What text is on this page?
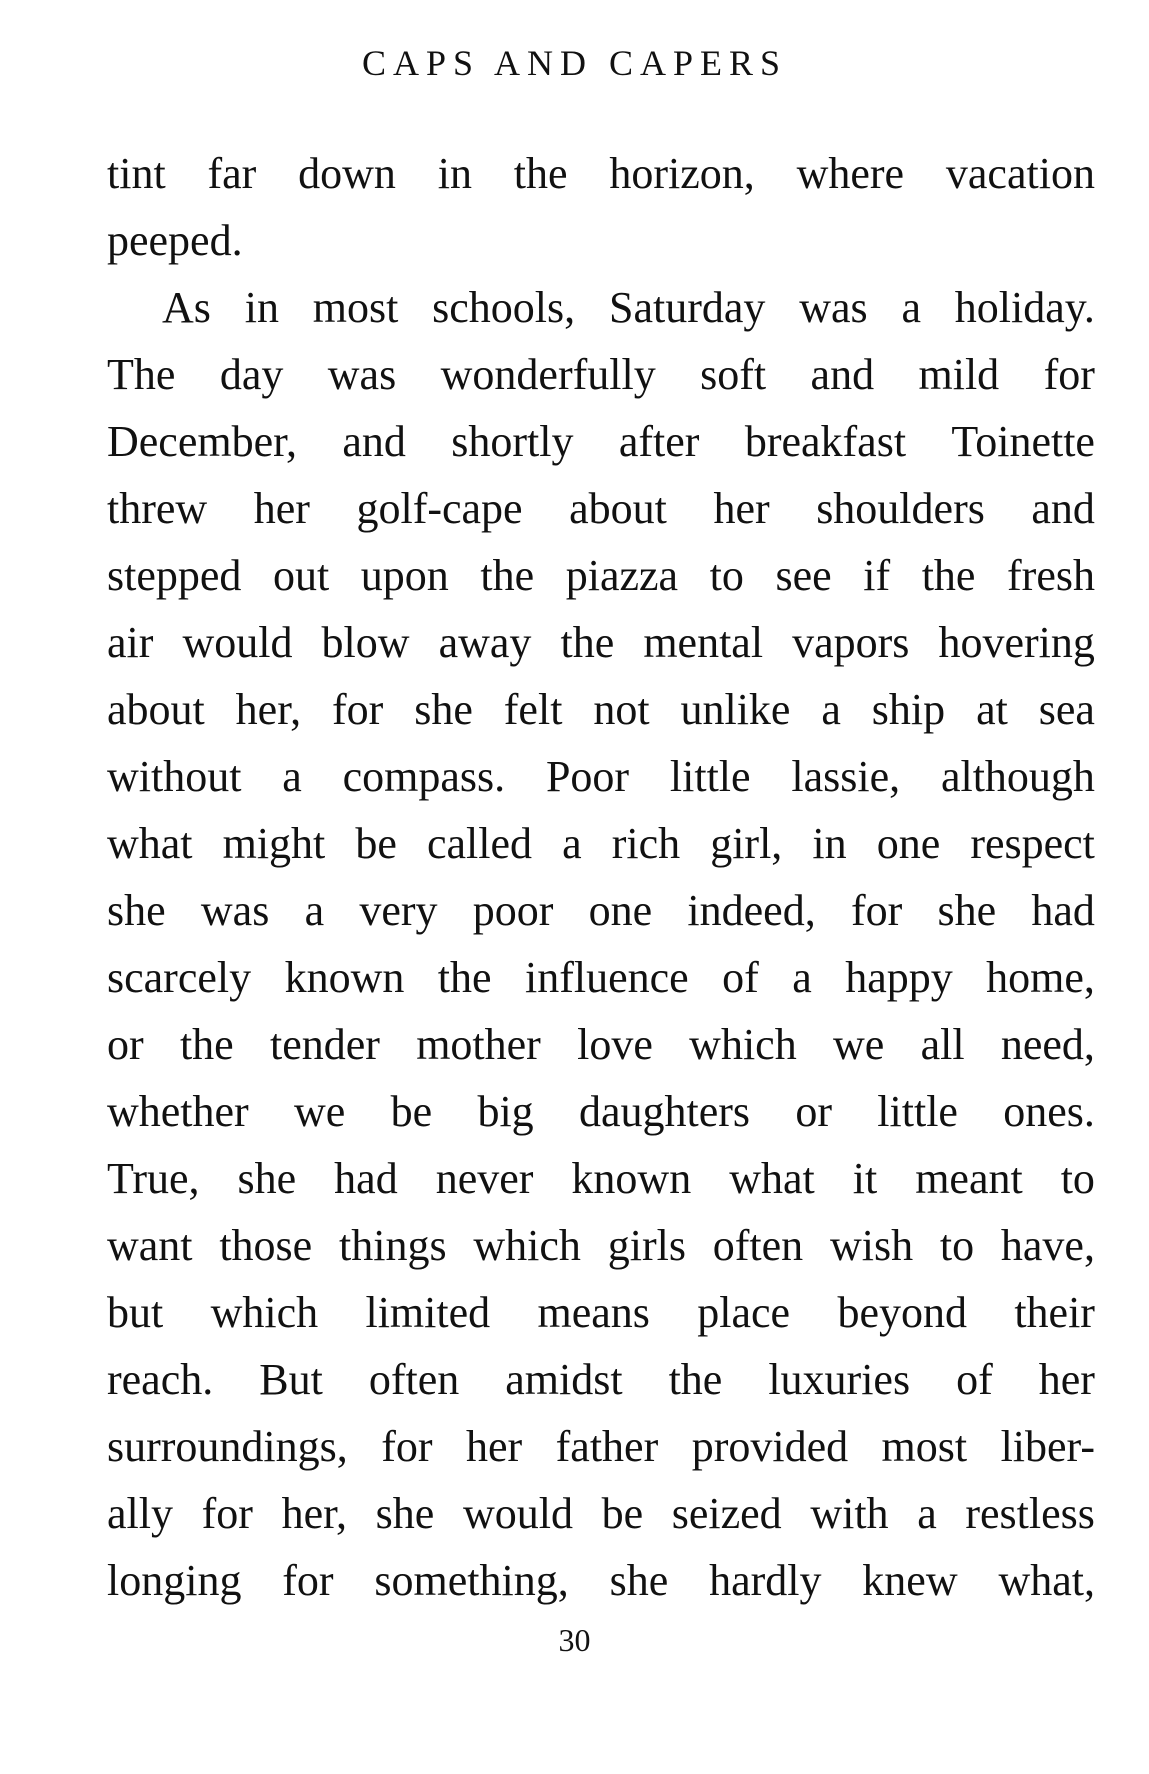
CAPS AND CAPERS
tint far down in the horizon, where vacation
peeped.
As in most schools, Saturday was a holiday.
The day was wonderfully soft and mild for
December, and shortly after breakfast Toinette
threw her golf-cape about her shoulders and
stepped out upon the piazza to see if the fresh
air would blow away the mental vapors hovering
about her, for she felt not unlike a ship at sea
without a compass. Poor little lassie, although
what might be called a rich girl, in one respect
she was a very poor one indeed, for she had
scarcely known the influence of a happy home,
or the tender mother love which we all need,
whether we be big daughters or little ones.
True, she had never known what it meant to
want those things which girls often wish to have,
but which limited means place beyond their
reach. But often amidst the luxuries of her
surroundings, for her father provided most liber-
ally for her, she would be seized with a restless
longing for something, she hardly knew what,
30
